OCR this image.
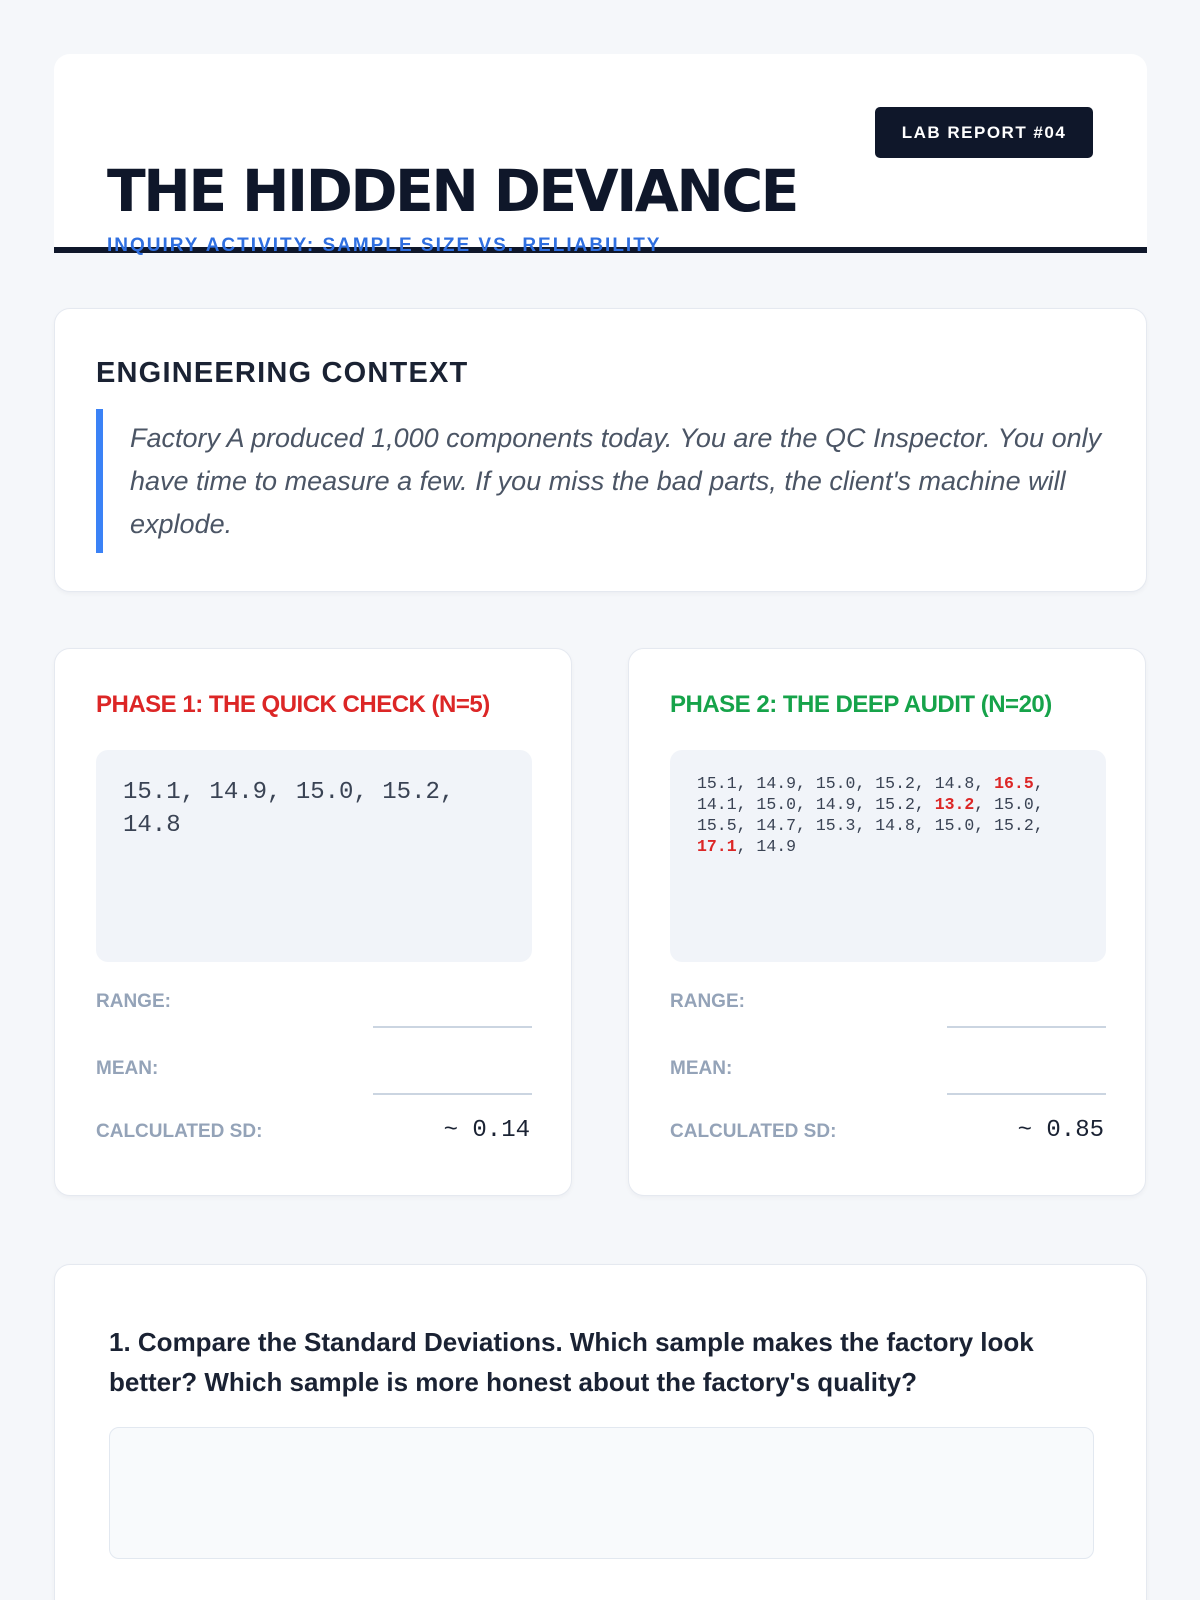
THE HIDDEN DEVIANCE
INQUIRY ACTIVITY: SAMPLE SIZE VS. RELIABILITY
LAB REPORT #04
ENGINEERING CONTEXT
Factory A produced 1,000 components today. You are the QC Inspector. You only have time to measure a few. If you miss the bad parts, the client's machine will explode.
PHASE 1: THE QUICK CHECK (N=5)
15.1, 14.9, 15.0, 15.2, 14.8
RANGE:
MEAN:
CALCULATED SD:	~ 0.14
PHASE 2: THE DEEP AUDIT (N=20)
15.1, 14.9, 15.0, 15.2, 14.8, 16.5, 14.1, 15.0, 14.9, 15.2, 13.2, 15.0, 15.5, 14.7, 15.3, 14.8, 15.0, 15.2, 17.1, 14.9
RANGE:
MEAN:
CALCULATED SD:	~ 0.85
1. Compare the Standard Deviations. Which sample makes the factory look better? Which sample is more honest about the factory's quality?
